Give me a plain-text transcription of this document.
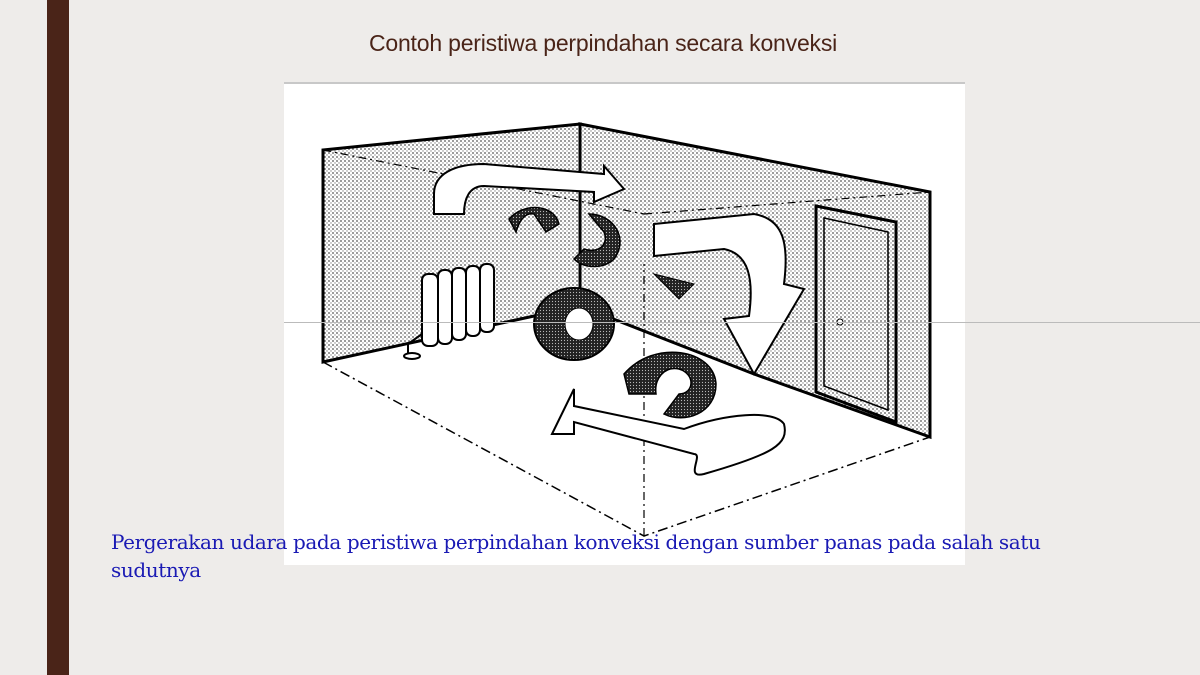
Contoh peristiwa perpindahan secara konveksi
Pergerakan udara pada peristiwa perpindahan konveksi dengan sumber panas pada salah satu sudutnya
